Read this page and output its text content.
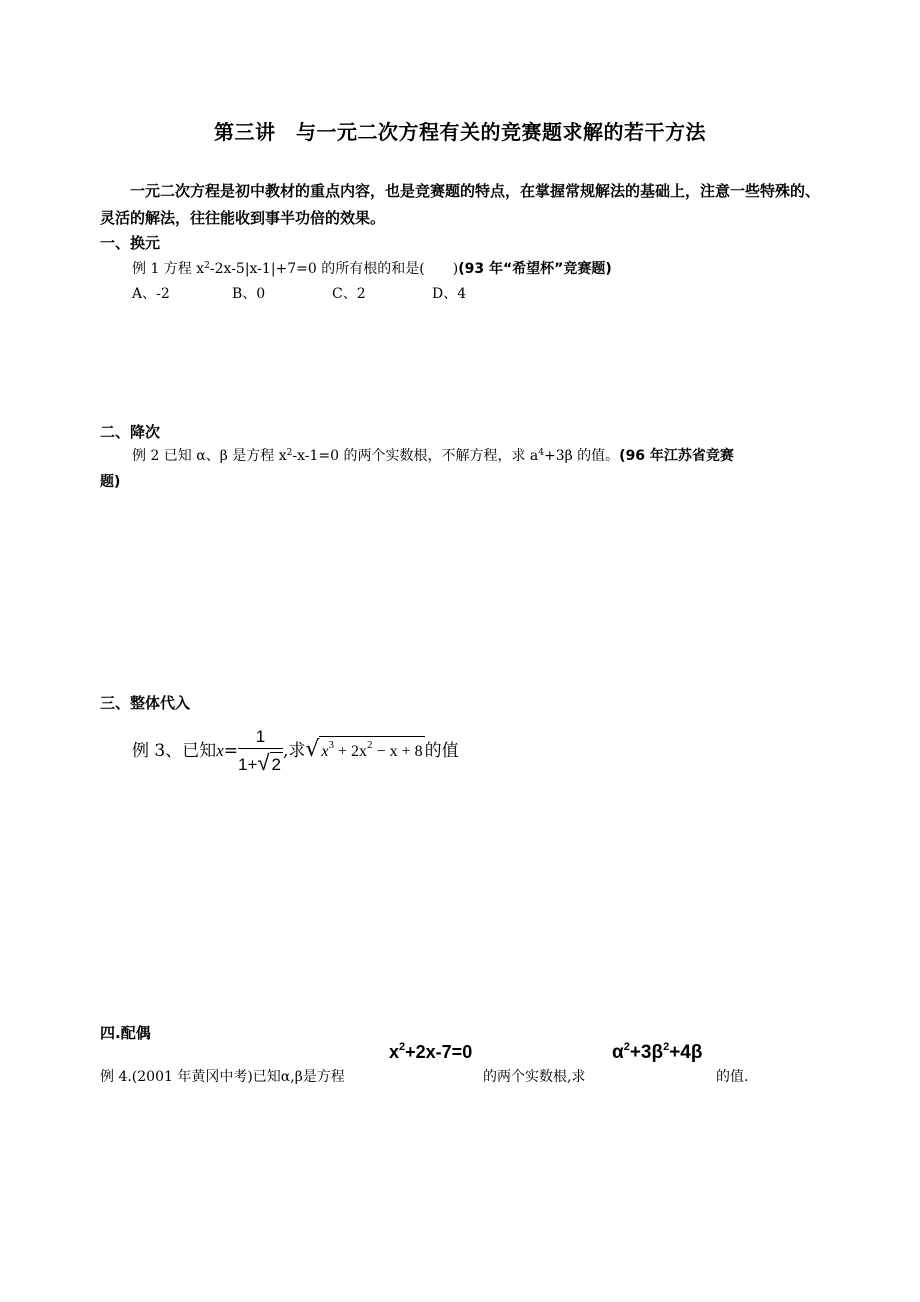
第三讲　与一元二次方程有关的竞赛题求解的若干方法
一元二次方程是初中教材的重点内容，也是竞赛题的特点，在掌握常规解法的基础上，注意一些特殊的、灵活的解法，往往能收到事半功倍的效果。
一、换元
例 1 方程 $x^2-2x-5|x-1|+7=0$ 的所有根的和是(　　)(93 年“希望杯”竞赛题)
A、-2	B、0	C、2	D、4
二、降次
例 2 已知 α、β 是方程 $x^2-x-1=0$ 的两个实数根，不解方程，求 $a^4+3\beta$ 的值。(96 年江苏省竞赛
题)
三、整体代入
例 3、已知$x= \frac{1}{1+√ 2}$ ,求√ $x^3 + 2x^2 - x + 8$ 的值
四.配偶
例 4.(2001 年黄冈中考)已知α,β是方程
$x^2+2x-7=0$
的两个实数根,求
$\alpha^2+3\beta^2+4\beta$
的值.
